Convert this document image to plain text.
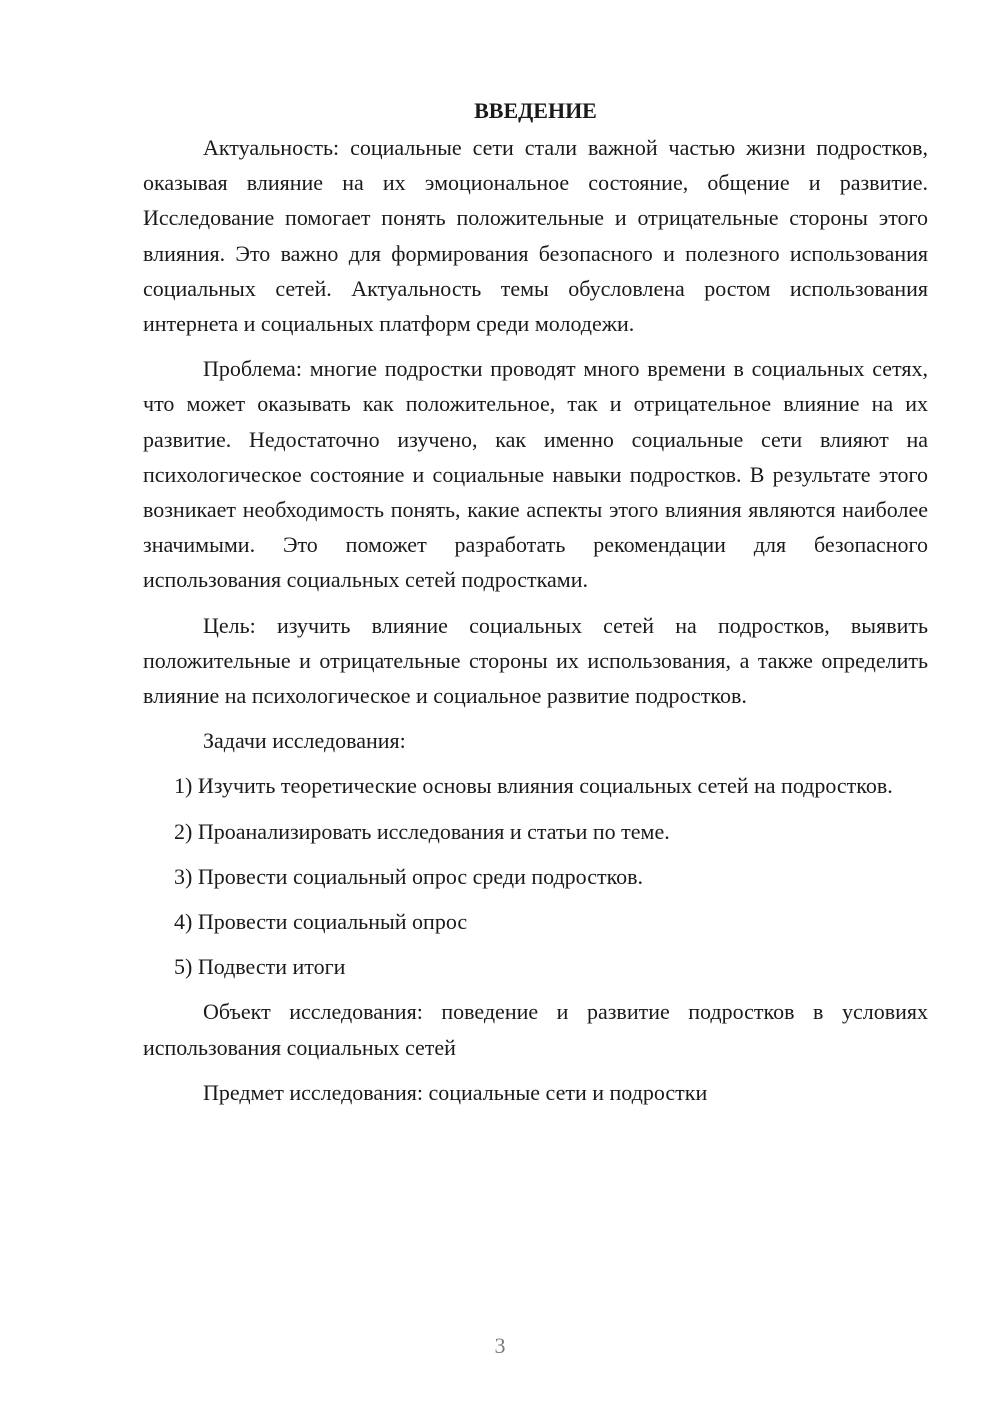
ВВЕДЕНИЕ

Актуальность: социальные сети стали важной частью жизни подростков, оказывая влияние на их эмоциональное состояние, общение и развитие. Исследование помогает понять положительные и отрицательные стороны этого влияния. Это важно для формирования безопасного и полезного использования социальных сетей. Актуальность темы обусловлена ростом использования интернета и социальных платформ среди молодежи.

Проблема: многие подростки проводят много времени в социальных сетях, что может оказывать как положительное, так и отрицательное влияние на их развитие. Недостаточно изучено, как именно социальные сети влияют на психологическое состояние и социальные навыки подростков. В результате этого возникает необходимость понять, какие аспекты этого влияния являются наиболее значимыми. Это поможет разработать рекомендации для безопасного использования социальных сетей подростками.

Цель: изучить влияние социальных сетей на подростков, выявить положительные и отрицательные стороны их использования, а также определить влияние на психологическое и социальное развитие подростков.

Задачи исследования:

1) Изучить теоретические основы влияния социальных сетей на подростков.

2) Проанализировать исследования и статьи по теме.

3) Провести социальный опрос среди подростков.

4) Провести социальный опрос

5) Подвести итоги

Объект исследования: поведение и развитие подростков в условиях использования социальных сетей

Предмет исследования: социальные сети и подростки

3
